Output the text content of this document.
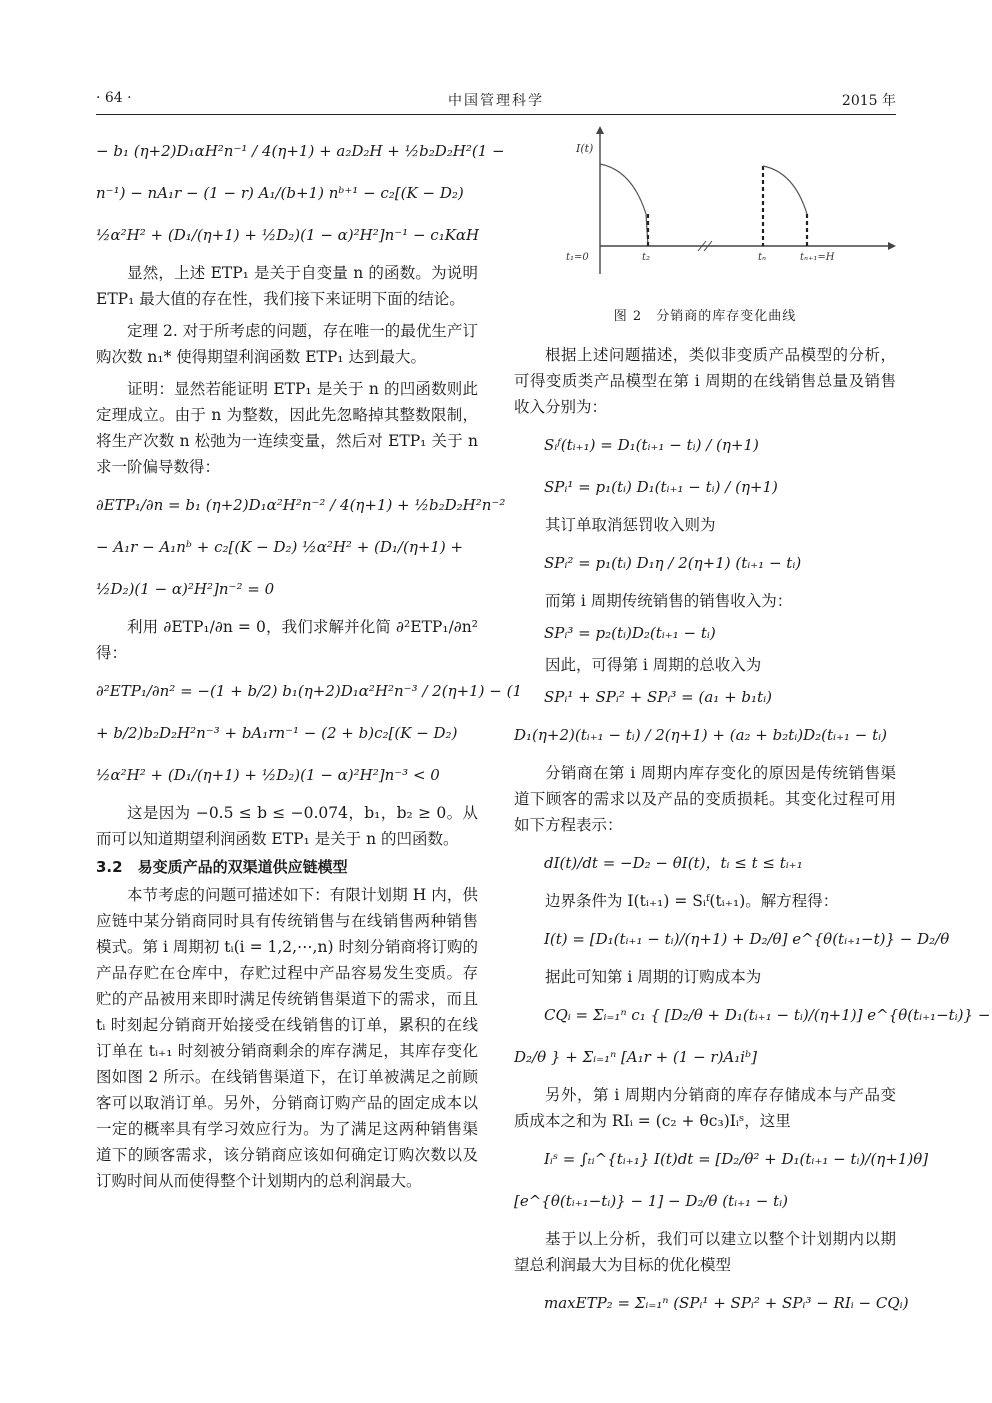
· 64 ·	中国管理科学	2015 年
− b₁ (η+2)D₁αH²n⁻¹ / 4(η+1) + a₂D₂H + ½b₂D₂H²(1 −
n⁻¹) − nA₁r − (1 − r) A₁/(b+1) nᵇ⁺¹ − c₂[(K − D₂)
½α²H² + (D₁/(η+1) + ½D₂)(1 − α)²H²]n⁻¹ − c₁KαH

显然，上述 ETP₁ 是关于自变量 n 的函数。为说明 ETP₁ 最大值的存在性，我们接下来证明下面的结论。

定理 2. 对于所考虑的问题，存在唯一的最优生产订购次数 n₁* 使得期望利润函数 ETP₁ 达到最大。

证明：显然若能证明 ETP₁ 是关于 n 的凹函数则此定理成立。由于 n 为整数，因此先忽略掉其整数限制，将生产次数 n 松弛为一连续变量，然后对 ETP₁ 关于 n 求一阶偏导数得：

∂ETP₁/∂n = b₁ (η+2)D₁α²H²n⁻² / 4(η+1) + ½b₂D₂H²n⁻²
− A₁r − A₁nᵇ + c₂[(K − D₂) ½α²H² + (D₁/(η+1) +
½D₂)(1 − α)²H²]n⁻² = 0

利用 ∂ETP₁/∂n = 0，我们求解并化简 ∂²ETP₁/∂n² 得：

∂²ETP₁/∂n² = −(1 + b/2) b₁(η+2)D₁α²H²n⁻³ / 2(η+1) − (1
+ b/2)b₂D₂H²n⁻³ + bA₁rn⁻¹ − (2 + b)c₂[(K − D₂)
½α²H² + (D₁/(η+1) + ½D₂)(1 − α)²H²]n⁻³ < 0

这是因为 −0.5 ≤ b ≤ −0.074，b₁，b₂ ≥ 0。从而可以知道期望利润函数 ETP₁ 是关于 n 的凹函数。

3.2　易变质产品的双渠道供应链模型

本节考虑的问题可描述如下：有限计划期 H 内，供应链中某分销商同时具有传统销售与在线销售两种销售模式。第 i 周期初 tᵢ(i = 1,2,⋯,n) 时刻分销商将订购的产品存贮在仓库中，存贮过程中产品容易发生变质。存贮的产品被用来即时满足传统销售渠道下的需求，而且 tᵢ 时刻起分销商开始接受在线销售的订单，累积的在线订单在 tᵢ₊₁ 时刻被分销商剩余的库存满足，其库存变化图如图 2 所示。在线销售渠道下，在订单被满足之前顾客可以取消订单。另外，分销商订购产品的固定成本以一定的概率具有学习效应行为。为了满足这两种销售渠道下的顾客需求，该分销商应该如何确定订购次数以及订购时间从而使得整个计划期内的总利润最大。

I(t)
t₁=0	t₂	tₙ	tₙ₊₁=H
图 2　分销商的库存变化曲线

根据上述问题描述，类似非变质产品模型的分析，可得变质类产品模型在第 i 周期的在线销售总量及销售收入分别为：

Sᵢᶠ(tᵢ₊₁) = D₁(tᵢ₊₁ − tᵢ) / (η+1)
SPᵢ¹ = p₁(tᵢ) D₁(tᵢ₊₁ − tᵢ) / (η+1)

其订单取消惩罚收入则为

SPᵢ² = p₁(tᵢ) D₁η / 2(η+1) (tᵢ₊₁ − tᵢ)

而第 i 周期传统销售的销售收入为：

SPᵢ³ = p₂(tᵢ)D₂(tᵢ₊₁ − tᵢ)

因此，可得第 i 周期的总收入为

SPᵢ¹ + SPᵢ² + SPᵢ³ = (a₁ + b₁tᵢ)
D₁(η+2)(tᵢ₊₁ − tᵢ) / 2(η+1) + (a₂ + b₂tᵢ)D₂(tᵢ₊₁ − tᵢ)

分销商在第 i 周期内库存变化的原因是传统销售渠道下顾客的需求以及产品的变质损耗。其变化过程可用如下方程表示：

dI(t)/dt = −D₂ − θI(t)，tᵢ ≤ t ≤ tᵢ₊₁

边界条件为 I(tᵢ₊₁) = Sᵢᶠ(tᵢ₊₁)。解方程得：

I(t) = [D₁(tᵢ₊₁ − tᵢ)/(η+1) + D₂/θ] e^{θ(tᵢ₊₁−t)} − D₂/θ

据此可知第 i 周期的订购成本为

CQᵢ = Σᵢ₌₁ⁿ c₁ { [D₂/θ + D₁(tᵢ₊₁ − tᵢ)/(η+1)] e^{θ(tᵢ₊₁−tᵢ)} −
D₂/θ } + Σᵢ₌₁ⁿ [A₁r + (1 − r)A₁iᵇ]

另外，第 i 周期内分销商的库存存储成本与产品变质成本之和为 RIᵢ = (c₂ + θc₃)Iᵢˢ，这里

Iᵢˢ = ∫ₜᵢ^{tᵢ₊₁} I(t)dt = [D₂/θ² + D₁(tᵢ₊₁ − tᵢ)/(η+1)θ]
[e^{θ(tᵢ₊₁−tᵢ)} − 1] − D₂/θ (tᵢ₊₁ − tᵢ)

基于以上分析，我们可以建立以整个计划期内以期望总利润最大为目标的优化模型

maxETP₂ = Σᵢ₌₁ⁿ (SPᵢ¹ + SPᵢ² + SPᵢ³ − RIᵢ − CQᵢ)
